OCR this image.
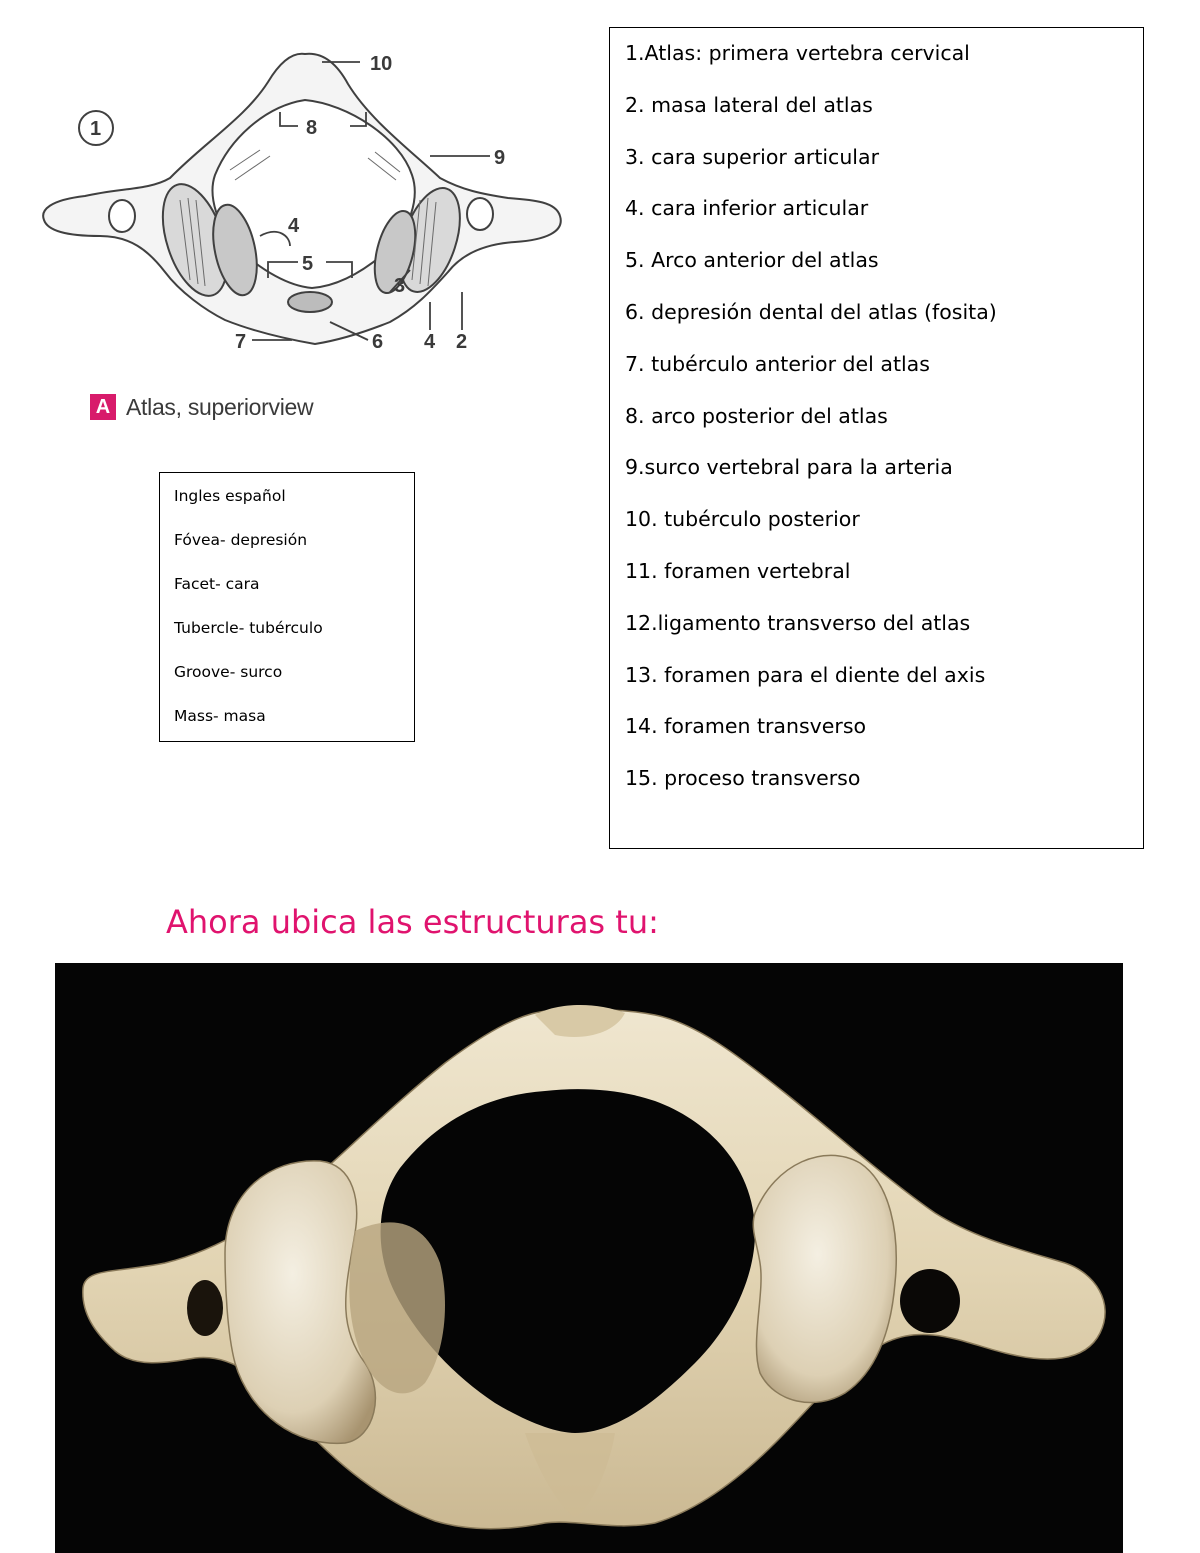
1
10
8
9
4
5
3
7	6 4 2
A Atlas, superiorview
Ingles español
Fóvea- depresión
Facet- cara
Tubercle- tubérculo
Groove- surco
Mass- masa
1.Atlas: primera vertebra cervical
2. masa lateral del atlas
3. cara superior articular
4. cara inferior articular
5. Arco anterior del atlas
6. depresión dental del atlas (fosita)
7. tubérculo anterior del atlas
8. arco posterior del atlas
9.surco vertebral para la arteria
10. tubérculo posterior
11. foramen vertebral
12.ligamento transverso del atlas
13. foramen para el diente del axis
14. foramen transverso
15. proceso transverso
Ahora ubica las estructuras tu:
